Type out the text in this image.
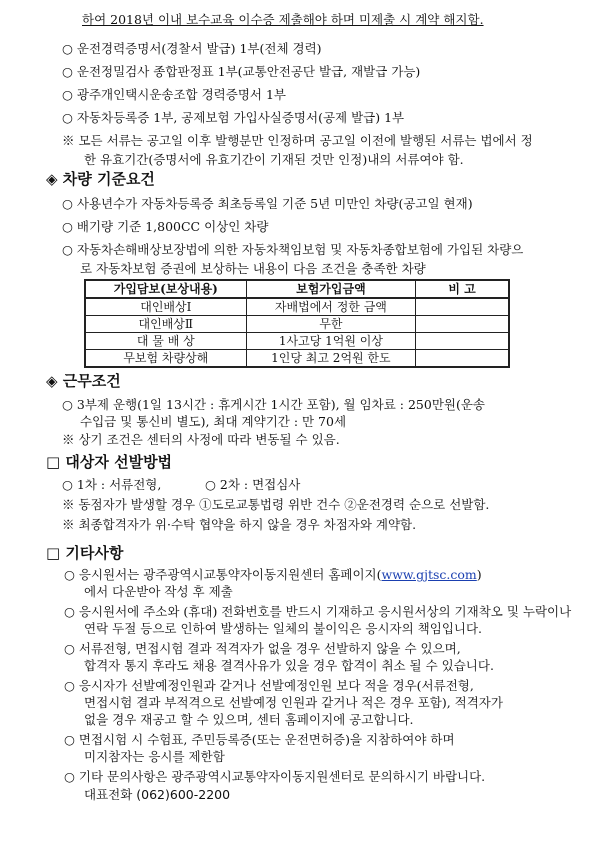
하여 2018년 이내 보수교육 이수증 제출해야 하며 미제출 시 계약 해지함.
○ 운전경력증명서(경찰서 발급) 1부(전체 경력)
○ 운전정밀검사 종합판정표 1부(교통안전공단 발급, 재발급 가능)
○ 광주개인택시운송조합 경력증명서 1부
○ 자동차등록증 1부, 공제보험 가입사실증명서(공제 발급) 1부
※ 모든 서류는 공고일 이후 발행분만 인정하며 공고일 이전에 발행된 서류는 법에서 정
한 유효기간(증명서에 유효기간이 기재된 것만 인정)내의 서류여야 함.
◈ 차량 기준요건
○ 사용년수가 자동차등록증 최초등록일 기준 5년 미만인 차량(공고일 현재)
○ 배기량 기준 1,800CC 이상인 차량
○ 자동차손해배상보장법에 의한 자동차책임보험 및 자동차종합보험에 가입된 차량으
로 자동차보험 증권에 보상하는 내용이 다음 조건을 충족한 차량
가입담보(보상내용)	보험가입금액	비 고
대인배상Ⅰ	자배법에서 정한 금액	
대인배상Ⅱ	무한	
대 물 배 상	1사고당 1억원 이상	
무보험 차량상해	1인당 최고 2억원 한도	
◈ 근무조건
○ 3부제 운행(1일 13시간 : 휴게시간 1시간 포함), 월 임차료 : 250만원(운송
수입금 및 통신비 별도), 최대 계약기간 : 만 70세
※ 상기 조건은 센터의 사정에 따라 변동될 수 있음.
□ 대상자 선발방법
○ 1차 : 서류전형,	○ 2차 : 면접심사
※ 동점자가 발생할 경우 ①도로교통법령 위반 건수 ②운전경력 순으로 선발함.
※ 최종합격자가 위·수탁 협약을 하지 않을 경우 차점자와 계약함.
□ 기타사항
○ 응시원서는 광주광역시교통약자이동지원센터 홈페이지(www.gjtsc.com)
에서 다운받아 작성 후 제출
○ 응시원서에 주소와 (휴대) 전화번호를 반드시 기재하고 응시원서상의 기재착오 및 누락이나
연락 두절 등으로 인하여 발생하는 일체의 불이익은 응시자의 책임입니다.
○ 서류전형, 면접시험 결과 적격자가 없을 경우 선발하지 않을 수 있으며,
합격자 통지 후라도 채용 결격사유가 있을 경우 합격이 취소 될 수 있습니다.
○ 응시자가 선발예정인원과 같거나 선발예정인원 보다 적을 경우(서류전형,
면접시험 결과 부적격으로 선발예정 인원과 같거나 적은 경우 포함), 적격자가
없을 경우 재공고 할 수 있으며, 센터 홈페이지에 공고합니다.
○ 면접시험 시 수험표, 주민등록증(또는 운전면허증)을 지참하여야 하며
미지참자는 응시를 제한함
○ 기타 문의사항은 광주광역시교통약자이동지원센터로 문의하시기 바랍니다.
대표전화 (062)600-2200
